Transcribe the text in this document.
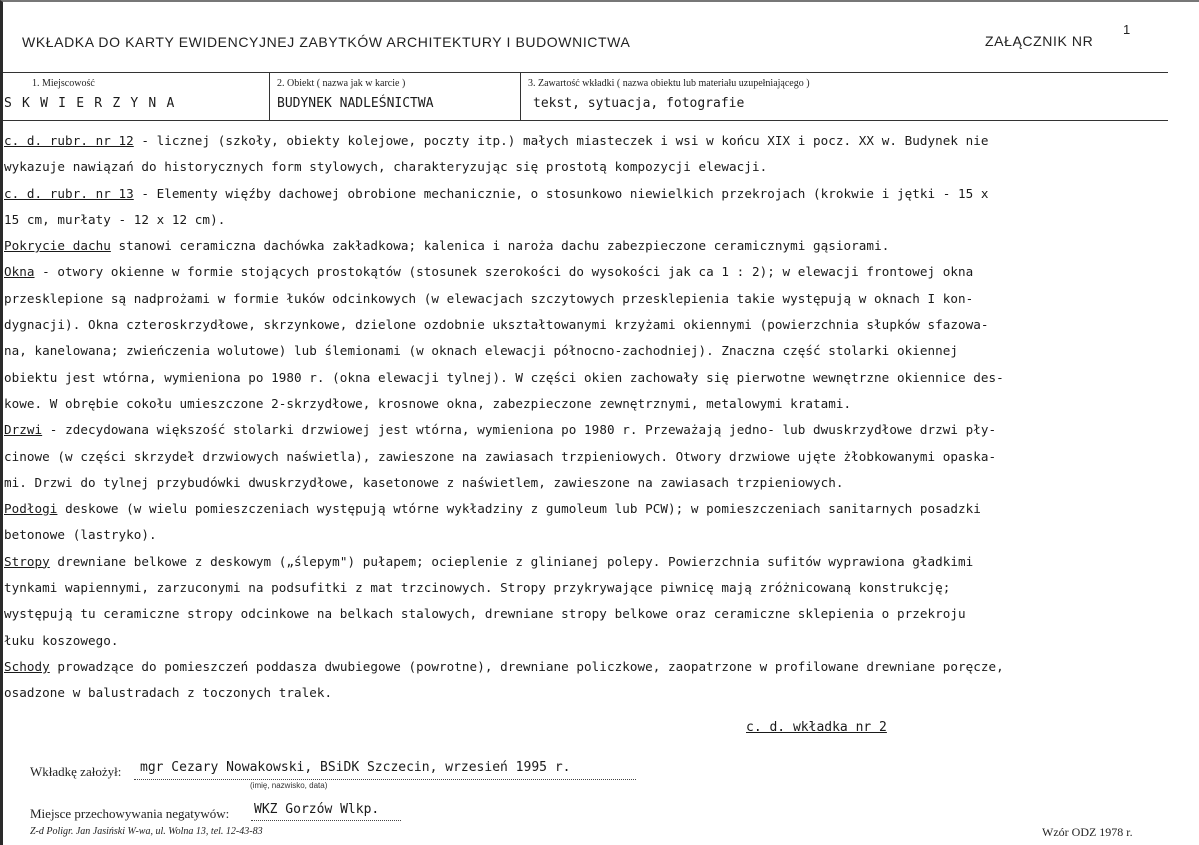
WKŁADKA DO KARTY EWIDENCYJNEJ ZABYTKÓW ARCHITEKTURY I BUDOWNICTWA	ZAŁĄCZNIK NR
1
1. Miejscowość
S K W I E R Z Y N A
2. Obiekt ( nazwa jak w karcie )
BUDYNEK NADLEŚNICTWA
3. Zawartość wkładki ( nazwa obiektu lub materiału uzupełniającego )
tekst, sytuacja, fotografie
c. d. rubr. nr 12 - licznej (szkoły, obiekty kolejowe, poczty itp.) małych miasteczek i wsi w końcu XIX i pocz. XX w. Budynek nie
wykazuje nawiązań do historycznych form stylowych, charakteryzując się prostotą kompozycji elewacji.
c. d. rubr. nr 13 - Elementy więźby dachowej obrobione mechanicznie, o stosunkowo niewielkich przekrojach (krokwie i jętki - 15 x
15 cm, murłaty - 12 x 12 cm).
Pokrycie dachu stanowi ceramiczna dachówka zakładkowa; kalenica i naroża dachu zabezpieczone ceramicznymi gąsiorami.
Okna - otwory okienne w formie stojących prostokątów (stosunek szerokości do wysokości jak ca 1 : 2); w elewacji frontowej okna
przesklepione są nadprożami w formie łuków odcinkowych (w elewacjach szczytowych przesklepienia takie występują w oknach I kon-
dygnacji). Okna czteroskrzydłowe, skrzynkowe, dzielone ozdobnie ukształtowanymi krzyżami okiennymi (powierzchnia słupków sfazowa-
na, kanelowana; zwieńczenia wolutowe) lub ślemionami (w oknach elewacji północno-zachodniej). Znaczna część stolarki okiennej
obiektu jest wtórna, wymieniona po 1980 r. (okna elewacji tylnej). W części okien zachowały się pierwotne wewnętrzne okiennice des-
kowe. W obrębie cokołu umieszczone 2-skrzydłowe, krosnowe okna, zabezpieczone zewnętrznymi, metalowymi kratami.
Drzwi - zdecydowana większość stolarki drzwiowej jest wtórna, wymieniona po 1980 r. Przeważają jedno- lub dwuskrzydłowe drzwi pły-
cinowe (w części skrzydeł drzwiowych naświetla), zawieszone na zawiasach trzpieniowych. Otwory drzwiowe ujęte żłobkowanymi opaska-
mi. Drzwi do tylnej przybudówki dwuskrzydłowe, kasetonowe z naświetlem, zawieszone na zawiasach trzpieniowych.
Podłogi deskowe (w wielu pomieszczeniach występują wtórne wykładziny z gumoleum lub PCW); w pomieszczeniach sanitarnych posadzki
betonowe (lastryko).
Stropy drewniane belkowe z deskowym („ślepym") pułapem; ocieplenie z glinianej polepy. Powierzchnia sufitów wyprawiona gładkimi
tynkami wapiennymi, zarzuconymi na podsufitki z mat trzcinowych. Stropy przykrywające piwnicę mają zróżnicowaną konstrukcję;
występują tu ceramiczne stropy odcinkowe na belkach stalowych, drewniane stropy belkowe oraz ceramiczne sklepienia o przekroju
łuku koszowego.
Schody prowadzące do pomieszczeń poddasza dwubiegowe (powrotne), drewniane policzkowe, zaopatrzone w profilowane drewniane poręcze,
osadzone w balustradach z toczonych tralek.
c. d. wkładka nr 2
Wkładkę założył: mgr Cezary Nowakowski, BSiDK Szczecin, wrzesień 1995 r.
(imię, nazwisko, data)
Miejsce przechowywania negatywów: WKZ Gorzów Wlkp.
Z-d Poligr. Jan Jasiński W-wa, ul. Wolna 13, tel. 12-43-83	Wzór ODZ 1978 r.
